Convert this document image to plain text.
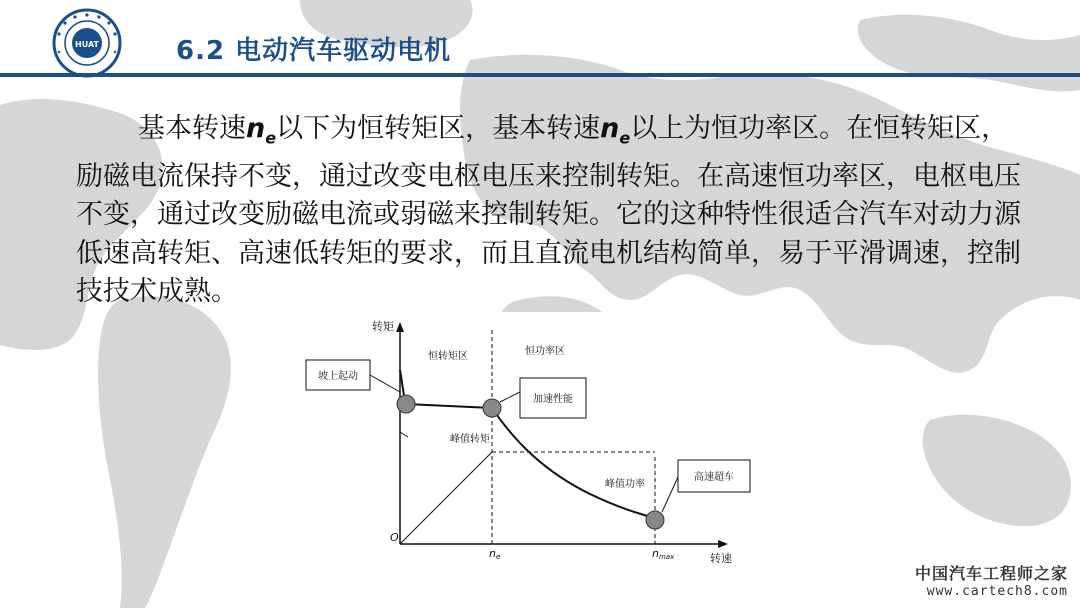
HUAT	6.2 电动汽车驱动电机
基本转速$n_e$以下为恒转矩区，基本转速$n_e$以上为恒功率区。在恒转矩区，励磁电流保持不变，通过改变电枢电压来控制转矩。在高速恒功率区，电枢电压不变，通过改变励磁电流或弱磁来控制转矩。它的这种特性很适合汽车对动力源低速高转矩、高速低转矩的要求，而且直流电机结构简单，易于平滑调速，控制技技术成熟。
转矩
转速
O
恒转矩区	恒功率区
坡上起动
加速性能
高速超车
峰值转矩
峰值功率
ne	nmax
中国汽车工程师之家
www.cartech8.com
